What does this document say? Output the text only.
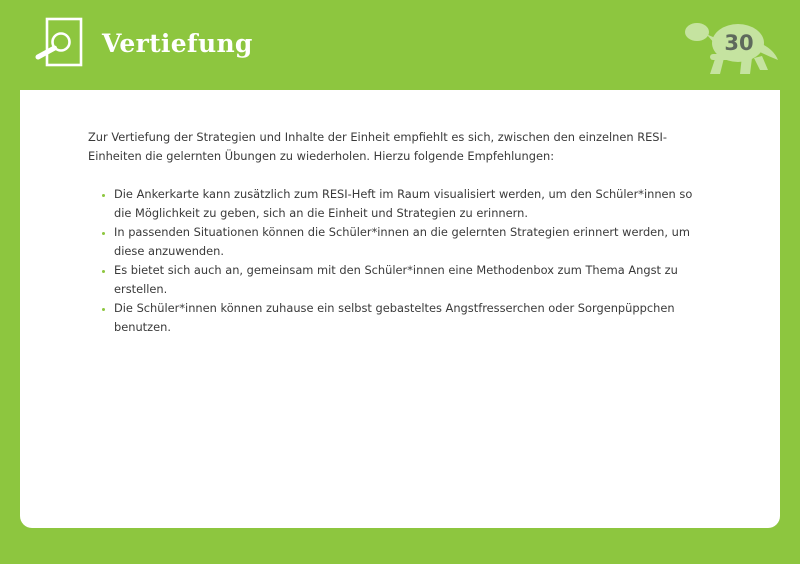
Vertiefung	30

Zur Vertiefung der Strategien und Inhalte der Einheit empfiehlt es sich, zwischen den einzelnen RESI-Einheiten die gelernten Übungen zu wiederholen. Hierzu folgende Empfehlungen:

Die Ankerkarte kann zusätzlich zum RESI-Heft im Raum visualisiert werden, um den Schüler*innen so die Möglichkeit zu geben, sich an die Einheit und Strategien zu erinnern.
In passenden Situationen können die Schüler*innen an die gelernten Strategien erinnert werden, um diese anzuwenden.
Es bietet sich auch an, gemeinsam mit den Schüler*innen eine Methodenbox zum Thema Angst zu erstellen.
Die Schüler*innen können zuhause ein selbst gebasteltes Angstfresserchen oder Sorgenpüppchen benutzen.
